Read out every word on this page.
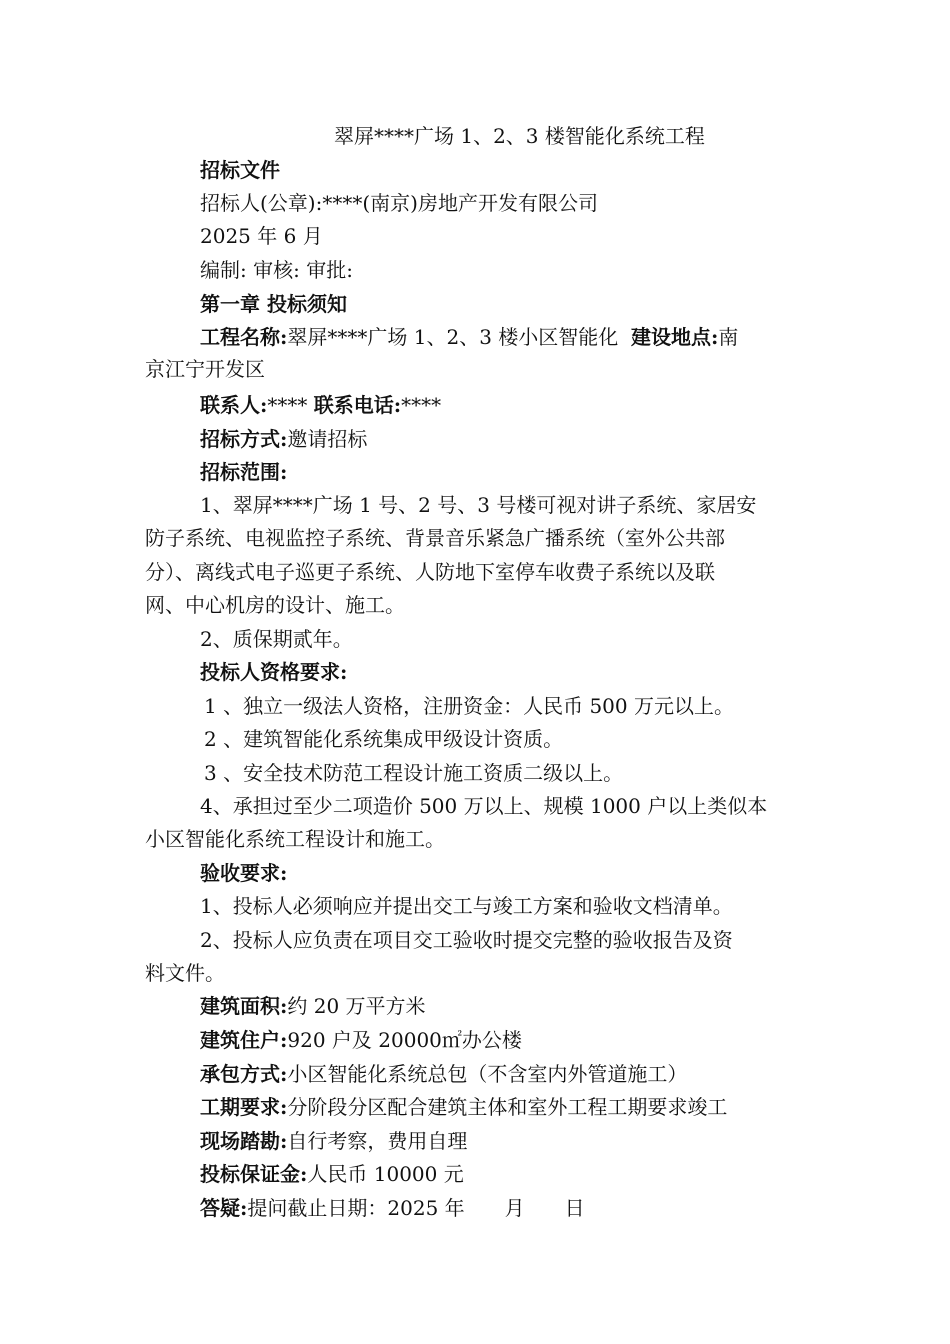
翠屏****广场 1、2、3 楼智能化系统工程
招标文件
招标人(公章):****(南京)房地产开发有限公司
2025 年 6 月
编制: 审核: 审批:
第一章 投标须知
工程名称:翠屏****广场 1、2、3 楼小区智能化 建设地点:南
京江宁开发区
联系人:**** 联系电话:****
招标方式:邀请招标
招标范围:
1、翠屏****广场 1 号、2 号、3 号楼可视对讲子系统、家居安
防子系统、电视监控子系统、背景音乐紧急广播系统（室外公共部
分）、离线式电子巡更子系统、人防地下室停车收费子系统以及联
网、中心机房的设计、施工。
2、质保期贰年。
投标人资格要求:
1 、独立一级法人资格，注册资金：人民币 500 万元以上。
2 、建筑智能化系统集成甲级设计资质。
3 、安全技术防范工程设计施工资质二级以上。
4、承担过至少二项造价 500 万以上、规模 1000 户以上类似本
小区智能化系统工程设计和施工。
验收要求:
1、投标人必须响应并提出交工与竣工方案和验收文档清单。
2、投标人应负责在项目交工验收时提交完整的验收报告及资
料文件。
建筑面积:约 20 万平方米
建筑住户:920 户及 20000㎡办公楼
承包方式:小区智能化系统总包（不含室内外管道施工）
工期要求:分阶段分区配合建筑主体和室外工程工期要求竣工
现场踏勘:自行考察，费用自理
投标保证金:人民币 10000 元
答疑:提问截止日期：2025 年 月 日
